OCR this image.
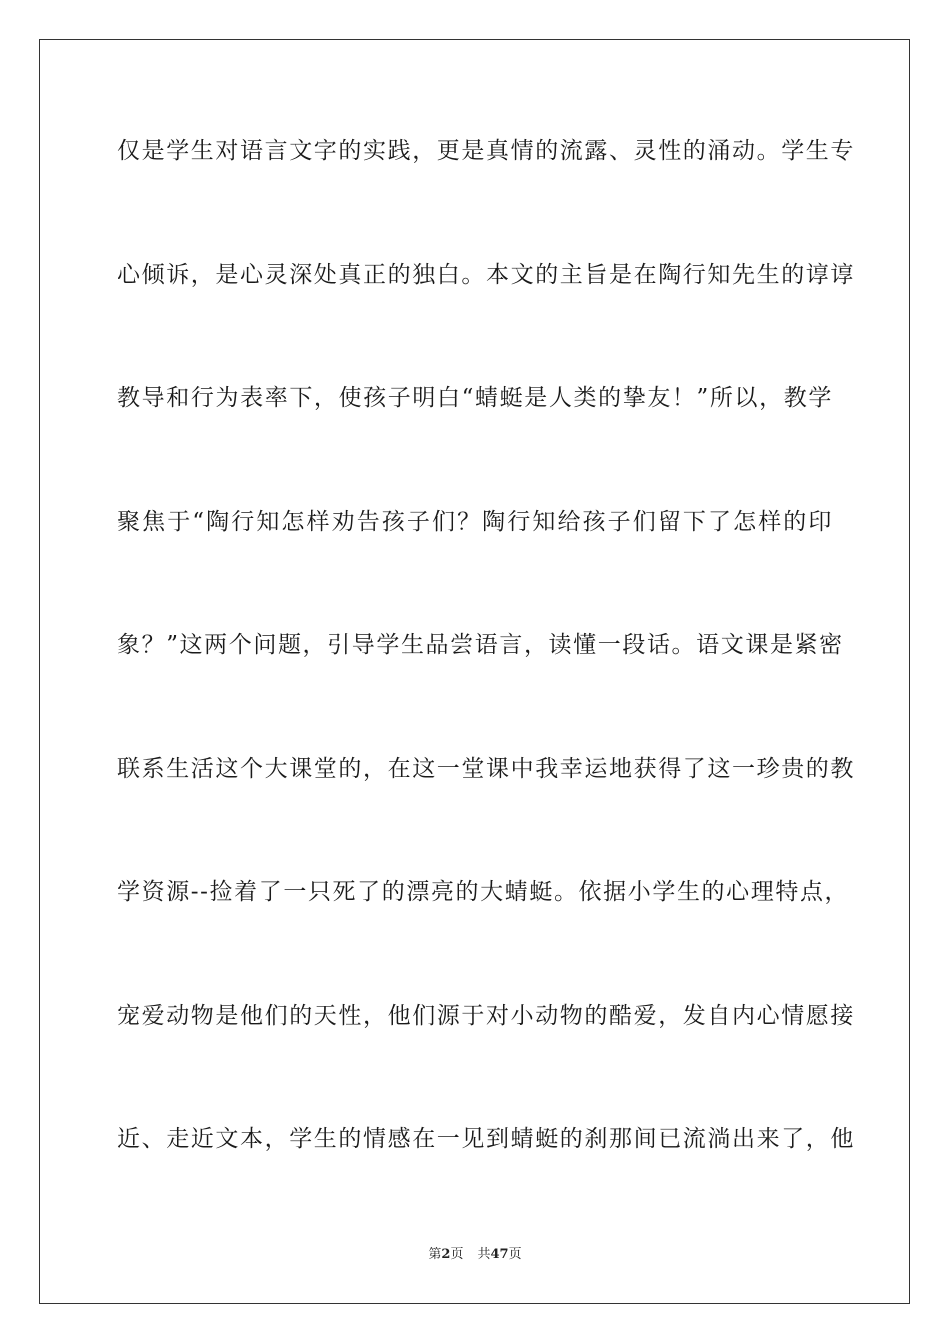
仅是学生对语言文字的实践，更是真情的流露、灵性的涌动。学生专
心倾诉，是心灵深处真正的独白。本文的主旨是在陶行知先生的谆谆
教导和行为表率下，使孩子明白“蜻蜓是人类的挚友！”所以，教学
聚焦于“陶行知怎样劝告孩子们？陶行知给孩子们留下了怎样的印
象？”这两个问题，引导学生品尝语言，读懂一段话。语文课是紧密
联系生活这个大课堂的，在这一堂课中我幸运地获得了这一珍贵的教
学资源--捡着了一只死了的漂亮的大蜻蜓。依据小学生的心理特点，
宠爱动物是他们的天性，他们源于对小动物的酷爱，发自内心情愿接
近、走近文本，学生的情感在一见到蜻蜓的刹那间已流淌出来了，他
第2页 共47页
